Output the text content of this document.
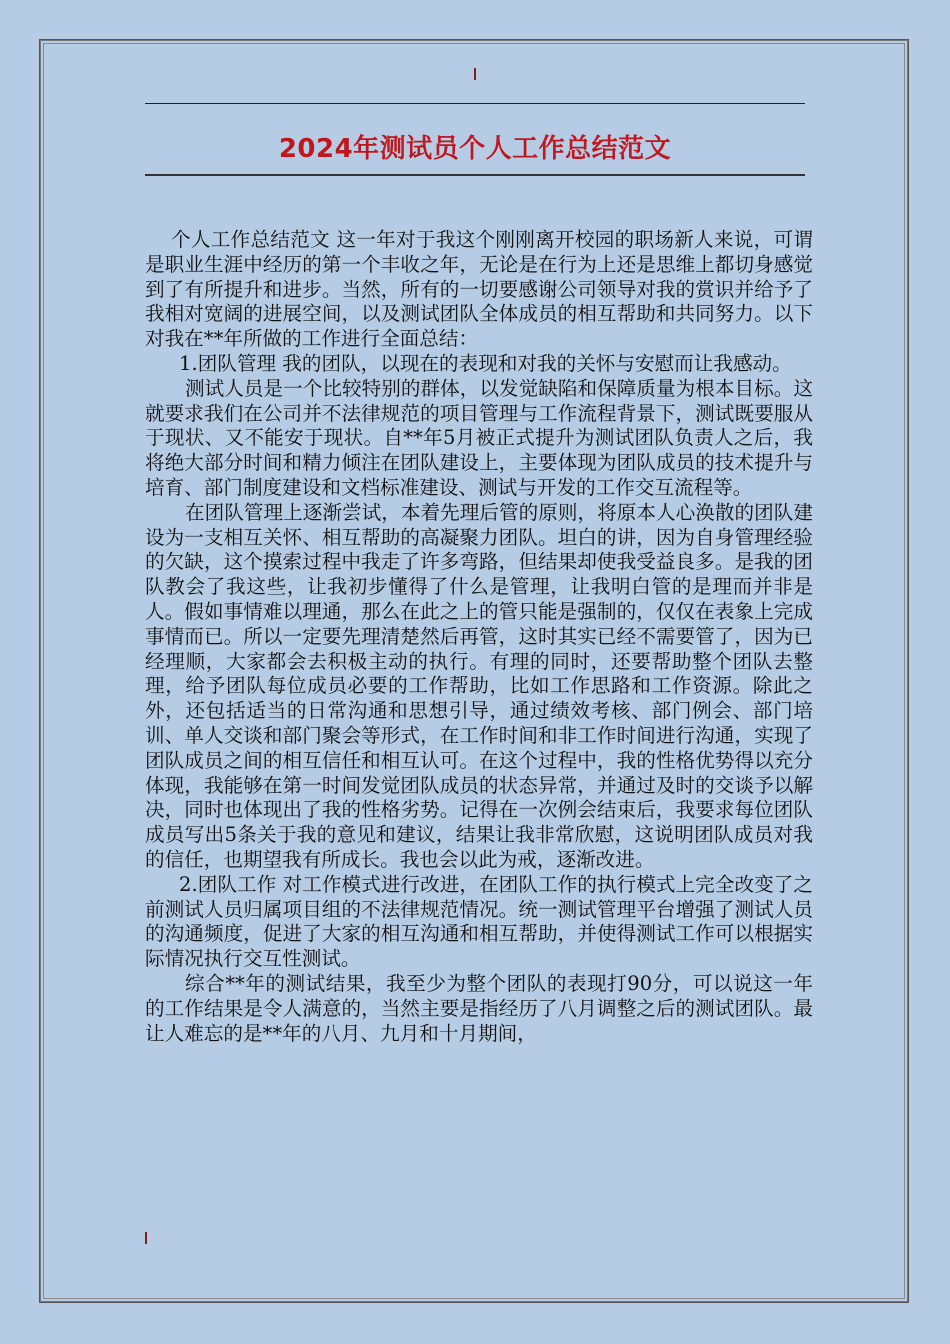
2024年测试员个人工作总结范文

个人工作总结范文 这一年对于我这个刚刚离开校园的职场新人来说，可谓是职业生涯中经历的第一个丰收之年，无论是在行为上还是思维上都切身感觉到了有所提升和进步。当然，所有的一切要感谢公司领导对我的赏识并给予了我相对宽阔的进展空间，以及测试团队全体成员的相互帮助和共同努力。以下对我在**年所做的工作进行全面总结：

1.团队管理 我的团队，以现在的表现和对我的关怀与安慰而让我感动。

测试人员是一个比较特别的群体，以发觉缺陷和保障质量为根本目标。这就要求我们在公司并不法律规范的项目管理与工作流程背景下，测试既要服从于现状、又不能安于现状。自**年5月被正式提升为测试团队负责人之后，我将绝大部分时间和精力倾注在团队建设上，主要体现为团队成员的技术提升与培育、部门制度建设和文档标准建设、测试与开发的工作交互流程等。

在团队管理上逐渐尝试，本着先理后管的原则，将原本人心涣散的团队建设为一支相互关怀、相互帮助的高凝聚力团队。坦白的讲，因为自身管理经验的欠缺，这个摸索过程中我走了许多弯路，但结果却使我受益良多。是我的团队教会了我这些，让我初步懂得了什么是管理，让我明白管的是理而并非是人。假如事情难以理通，那么在此之上的管只能是强制的，仅仅在表象上完成事情而已。所以一定要先理清楚然后再管，这时其实已经不需要管了，因为已经理顺，大家都会去积极主动的执行。有理的同时，还要帮助整个团队去整理，给予团队每位成员必要的工作帮助，比如工作思路和工作资源。除此之外，还包括适当的日常沟通和思想引导，通过绩效考核、部门例会、部门培训、单人交谈和部门聚会等形式，在工作时间和非工作时间进行沟通，实现了团队成员之间的相互信任和相互认可。在这个过程中，我的性格优势得以充分体现，我能够在第一时间发觉团队成员的状态异常，并通过及时的交谈予以解决，同时也体现出了我的性格劣势。记得在一次例会结束后，我要求每位团队成员写出5条关于我的意见和建议，结果让我非常欣慰，这说明团队成员对我的信任，也期望我有所成长。我也会以此为戒，逐渐改进。

2.团队工作 对工作模式进行改进，在团队工作的执行模式上完全改变了之前测试人员归属项目组的不法律规范情况。统一测试管理平台增强了测试人员的沟通频度，促进了大家的相互沟通和相互帮助，并使得测试工作可以根据实际情况执行交互性测试。

综合**年的测试结果，我至少为整个团队的表现打90分，可以说这一年的工作结果是令人满意的，当然主要是指经历了八月调整之后的测试团队。最让人难忘的是**年的八月、九月和十月期间，
